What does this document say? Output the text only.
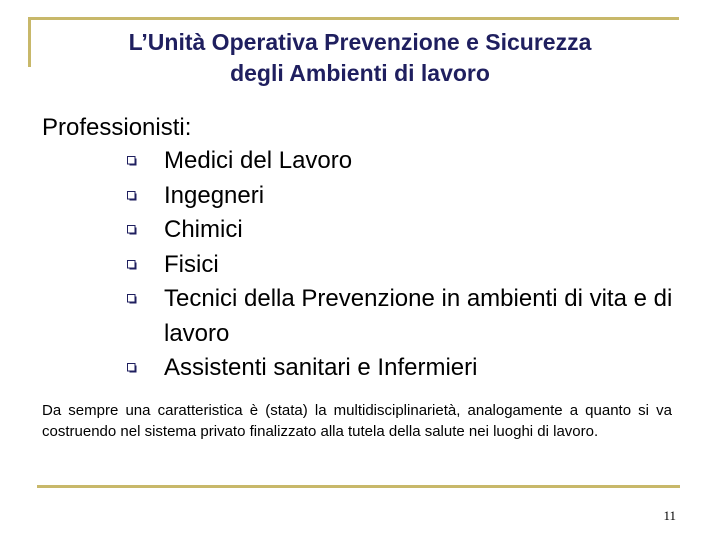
L’Unità Operativa Prevenzione e Sicurezza
degli Ambienti di lavoro
Professionisti:
Medici del Lavoro
Ingegneri
Chimici
Fisici
Tecnici della Prevenzione in ambienti di vita e di lavoro
Assistenti sanitari e Infermieri
Da sempre una caratteristica è (stata) la multidisciplinarietà, analogamente a quanto si va costruendo nel sistema privato finalizzato alla tutela della salute nei luoghi di lavoro.
11
